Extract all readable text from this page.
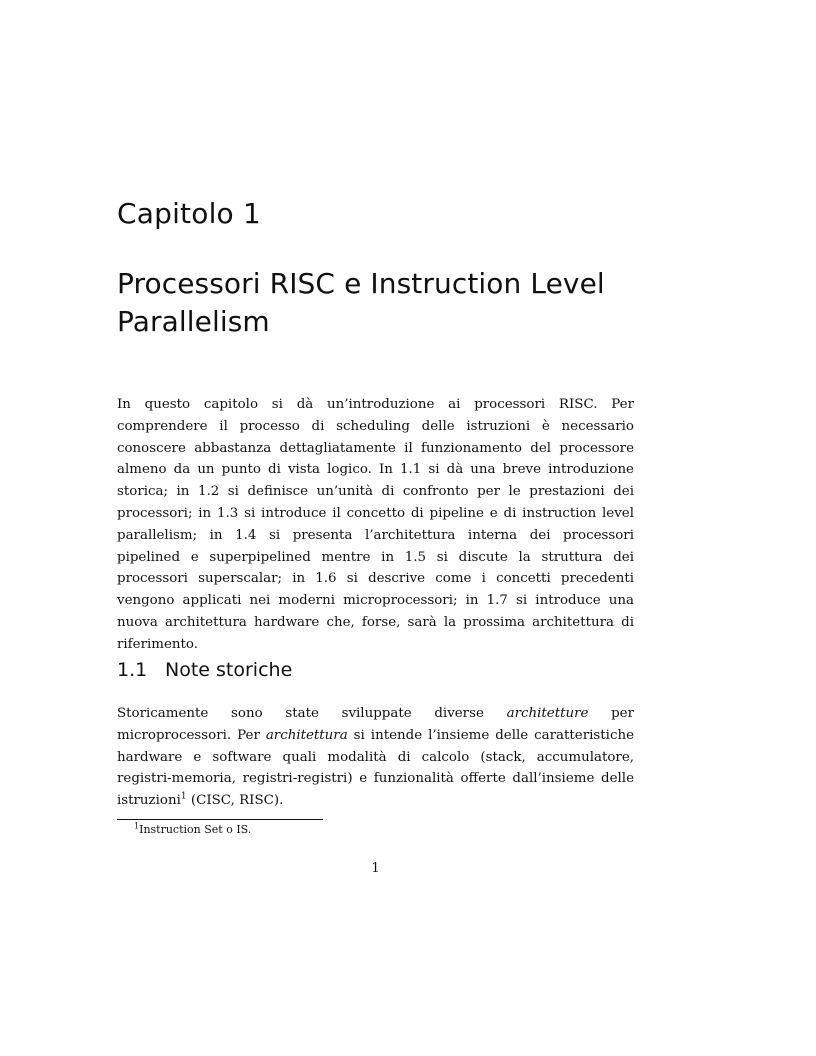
Capitolo 1
Processori RISC e Instruction Level Parallelism

In questo capitolo si dà un’introduzione ai processori RISC. Per comprendere il processo di scheduling delle istruzioni è necessario conoscere abbastanza dettagliatamente il funzionamento del processore almeno da un punto di vista logico. In 1.1 si dà una breve introduzione storica; in 1.2 si definisce un’unità di confronto per le prestazioni dei processori; in 1.3 si introduce il concetto di pipeline e di instruction level parallelism; in 1.4 si presenta l’architettura interna dei processori pipelined e superpipelined mentre in 1.5 si discute la struttura dei processori superscalar; in 1.6 si descrive come i concetti precedenti vengono applicati nei moderni microprocessori; in 1.7 si introduce una nuova architettura hardware che, forse, sarà la prossima architettura di riferimento.

1.1 Note storiche

Storicamente sono state sviluppate diverse architetture per microprocessori. Per architettura si intende l’insieme delle caratteristiche hardware e software quali modalità di calcolo (stack, accumulatore, registri-memoria, registri-registri) e funzionalità offerte dall’insieme delle istruzioni$^1$ (CISC, RISC).

$^1$Instruction Set o IS.
1
